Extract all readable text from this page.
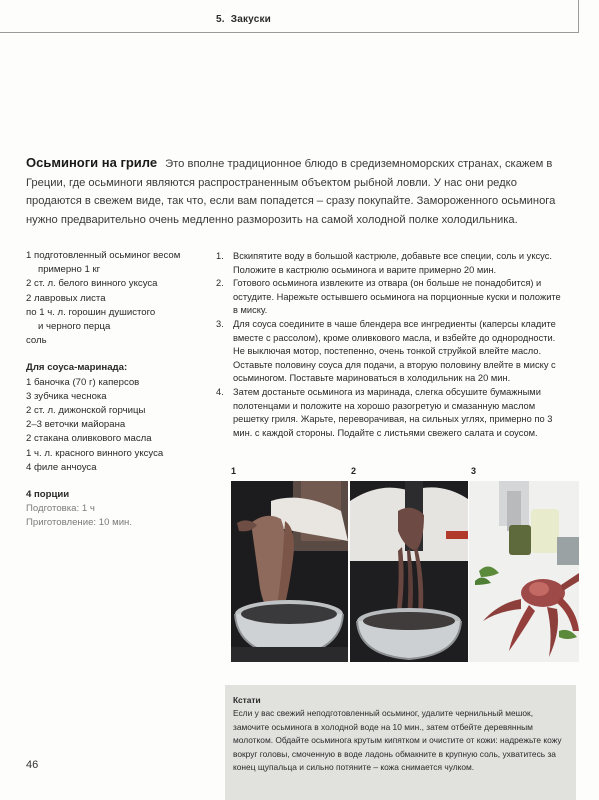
5. Закуски
Осьминоги на гриле Это вполне традиционное блюдо в средиземноморских странах, скажем в Греции, где осьминоги являются распространенным объектом рыбной ловли. У нас они редко продаются в свежем виде, так что, если вам попадется – сразу покупайте. Замороженного осьминога нужно предварительно очень медленно разморозить на самой холодной полке холодильника.
1 подготовленный осьминог весом
примерно 1 кг
2 ст. л. белого винного уксуса
2 лавровых листа
по 1 ч. л. горошин душистого
и черного перца
соль
Для соуса-маринада:
1 баночка (70 г) каперсов
3 зубчика чеснока
2 ст. л. дижонской горчицы
2–3 веточки майорана
2 стакана оливкового масла
1 ч. л. красного винного уксуса
4 филе анчоуса
4 порции
Подготовка: 1 ч
Приготовление: 10 мин.
1. Вскипятите воду в большой кастрюле, добавьте все специи, соль и уксус. Положите в кастрюлю осьминога и варите примерно 20 мин.
2. Готового осьминога извлеките из отвара (он больше не понадобится) и остудите. Нарежьте остывшего осьминога на порционные куски и положите в миску.
3. Для соуса соедините в чаше блендера все ингредиенты (каперсы кладите вместе с рассолом), кроме оливкового масла, и взбейте до однородности. Не выключая мотор, постепенно, очень тонкой струйкой влейте масло. Оставьте половину соуса для подачи, а вторую половину влейте в миску с осьминогом. Поставьте мариноваться в холодильник на 20 мин.
4. Затем достаньте осьминога из маринада, слегка обсушите бумажными полотенцами и положите на хорошо разогретую и смазанную маслом решетку гриля. Жарьте, переворачивая, на сильных углях, примерно по 3 мин. с каждой стороны. Подайте с листьями свежего салата и соусом.
1	2	3
Кстати
Если у вас свежий неподготовленный осьминог, удалите чернильный мешок, замочите осьминога в холодной воде на 10 мин., затем отбейте деревянным молотком. Обдайте осьминога крутым кипятком и очистите от кожи: надрежьте кожу вокруг головы, смоченную в воде ладонь обмакните в крупную соль, ухватитесь за конец щупальца и сильно потяните – кожа снимается чулком.
46
